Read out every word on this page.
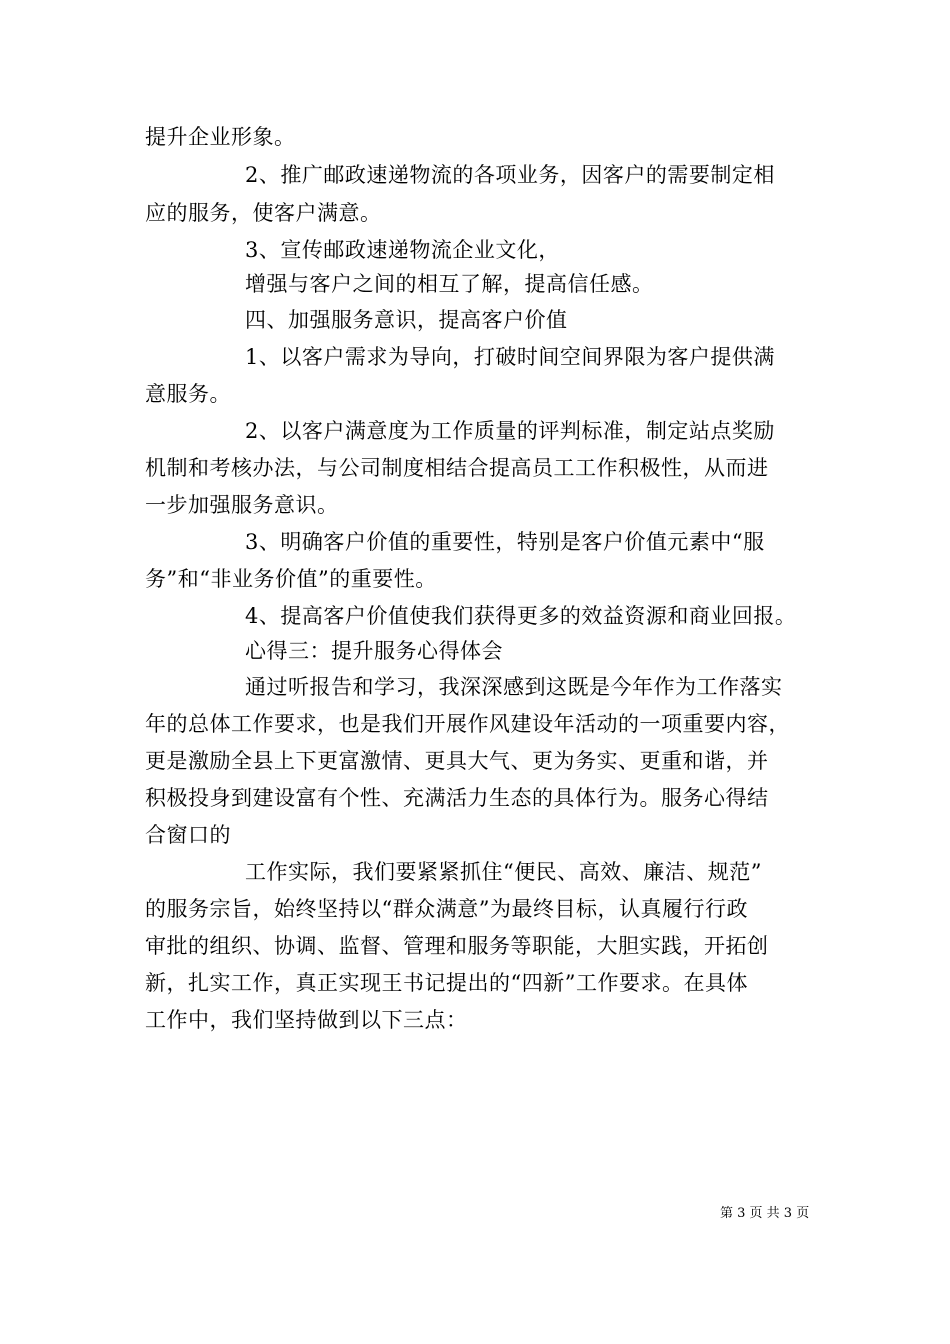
提升企业形象。
2、推广邮政速递物流的各项业务，因客户的需要制定相
应的服务，使客户满意。
3、宣传邮政速递物流企业文化，
增强与客户之间的相互了解，提高信任感。
四、加强服务意识，提高客户价值
1、以客户需求为导向，打破时间空间界限为客户提供满
意服务。
2、以客户满意度为工作质量的评判标准，制定站点奖励
机制和考核办法，与公司制度相结合提高员工工作积极性，从而进
一步加强服务意识。
3、明确客户价值的重要性，特别是客户价值元素中“服
务”和“非业务价值”的重要性。
4、提高客户价值使我们获得更多的效益资源和商业回报。
心得三：提升服务心得体会
通过听报告和学习，我深深感到这既是今年作为工作落实
年的总体工作要求，也是我们开展作风建设年活动的一项重要内容，
更是激励全县上下更富激情、更具大气、更为务实、更重和谐，并
积极投身到建设富有个性、充满活力生态的具体行为。服务心得结
合窗口的
工作实际，我们要紧紧抓住“便民、高效、廉洁、规范”
的服务宗旨，始终坚持以“群众满意”为最终目标，认真履行行政
审批的组织、协调、监督、管理和服务等职能，大胆实践，开拓创
新，扎实工作，真正实现王书记提出的“四新”工作要求。在具体
工作中，我们坚持做到以下三点：
第 3 页 共 3 页
